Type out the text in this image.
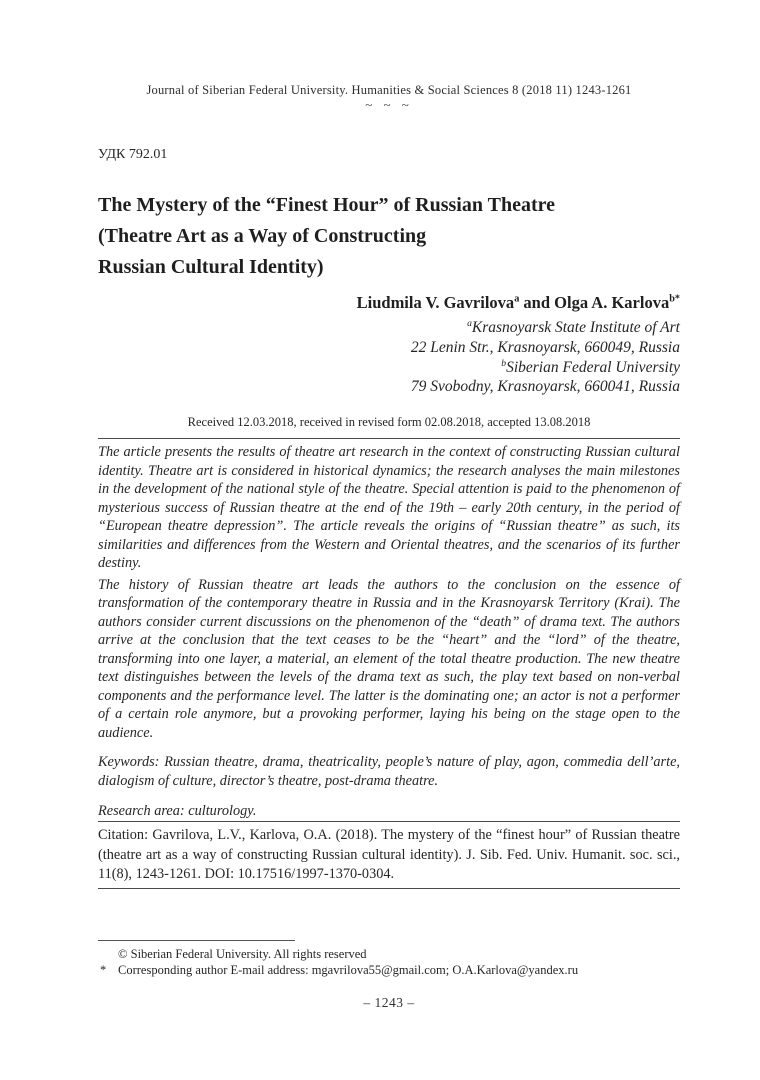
Journal of Siberian Federal University. Humanities & Social Sciences 8 (2018 11) 1243-1261
~ ~ ~
УДК 792.01
The Mystery of the “Finest Hour” of Russian Theatre
(Theatre Art as a Way of Constructing
Russian Cultural Identity)
Liudmila V. Gavrilova$^a$ and Olga A. Karlova$^{b*}$
$^a$Krasnoyarsk State Institute of Art
22 Lenin Str., Krasnoyarsk, 660049, Russia
$^b$Siberian Federal University
79 Svobodny, Krasnoyarsk, 660041, Russia
Received 12.03.2018, received in revised form 02.08.2018, accepted 13.08.2018

The article presents the results of theatre art research in the context of constructing Russian cultural identity. Theatre art is considered in historical dynamics; the research analyses the main milestones in the development of the national style of the theatre. Special attention is paid to the phenomenon of mysterious success of Russian theatre at the end of the 19th – early 20th century, in the period of “European theatre depression”. The article reveals the origins of “Russian theatre” as such, its similarities and differences from the Western and Oriental theatres, and the scenarios of its further destiny.

The history of Russian theatre art leads the authors to the conclusion on the essence of transformation of the contemporary theatre in Russia and in the Krasnoyarsk Territory (Krai). The authors consider current discussions on the phenomenon of the “death” of drama text. The authors arrive at the conclusion that the text ceases to be the “heart” and the “lord” of the theatre, transforming into one layer, a material, an element of the total theatre production. The new theatre text distinguishes between the levels of the drama text as such, the play text based on non-verbal components and the performance level. The latter is the dominating one; an actor is not a performer of a certain role anymore, but a provoking performer, laying his being on the stage open to the audience.

Keywords: Russian theatre, drama, theatricality, people’s nature of play, agon, commedia dell’arte, dialogism of culture, director’s theatre, post-drama theatre.

Research area: culturology.

Citation: Gavrilova, L.V., Karlova, O.A. (2018). The mystery of the “finest hour” of Russian theatre (theatre art as a way of constructing Russian cultural identity). J. Sib. Fed. Univ. Humanit. soc. sci., 11(8), 1243-1261. DOI: 10.17516/1997-1370-0304.

© Siberian Federal University. All rights reserved
* Corresponding author E-mail address: mgavrilova55@gmail.com; O.A.Karlova@yandex.ru
– 1243 –
